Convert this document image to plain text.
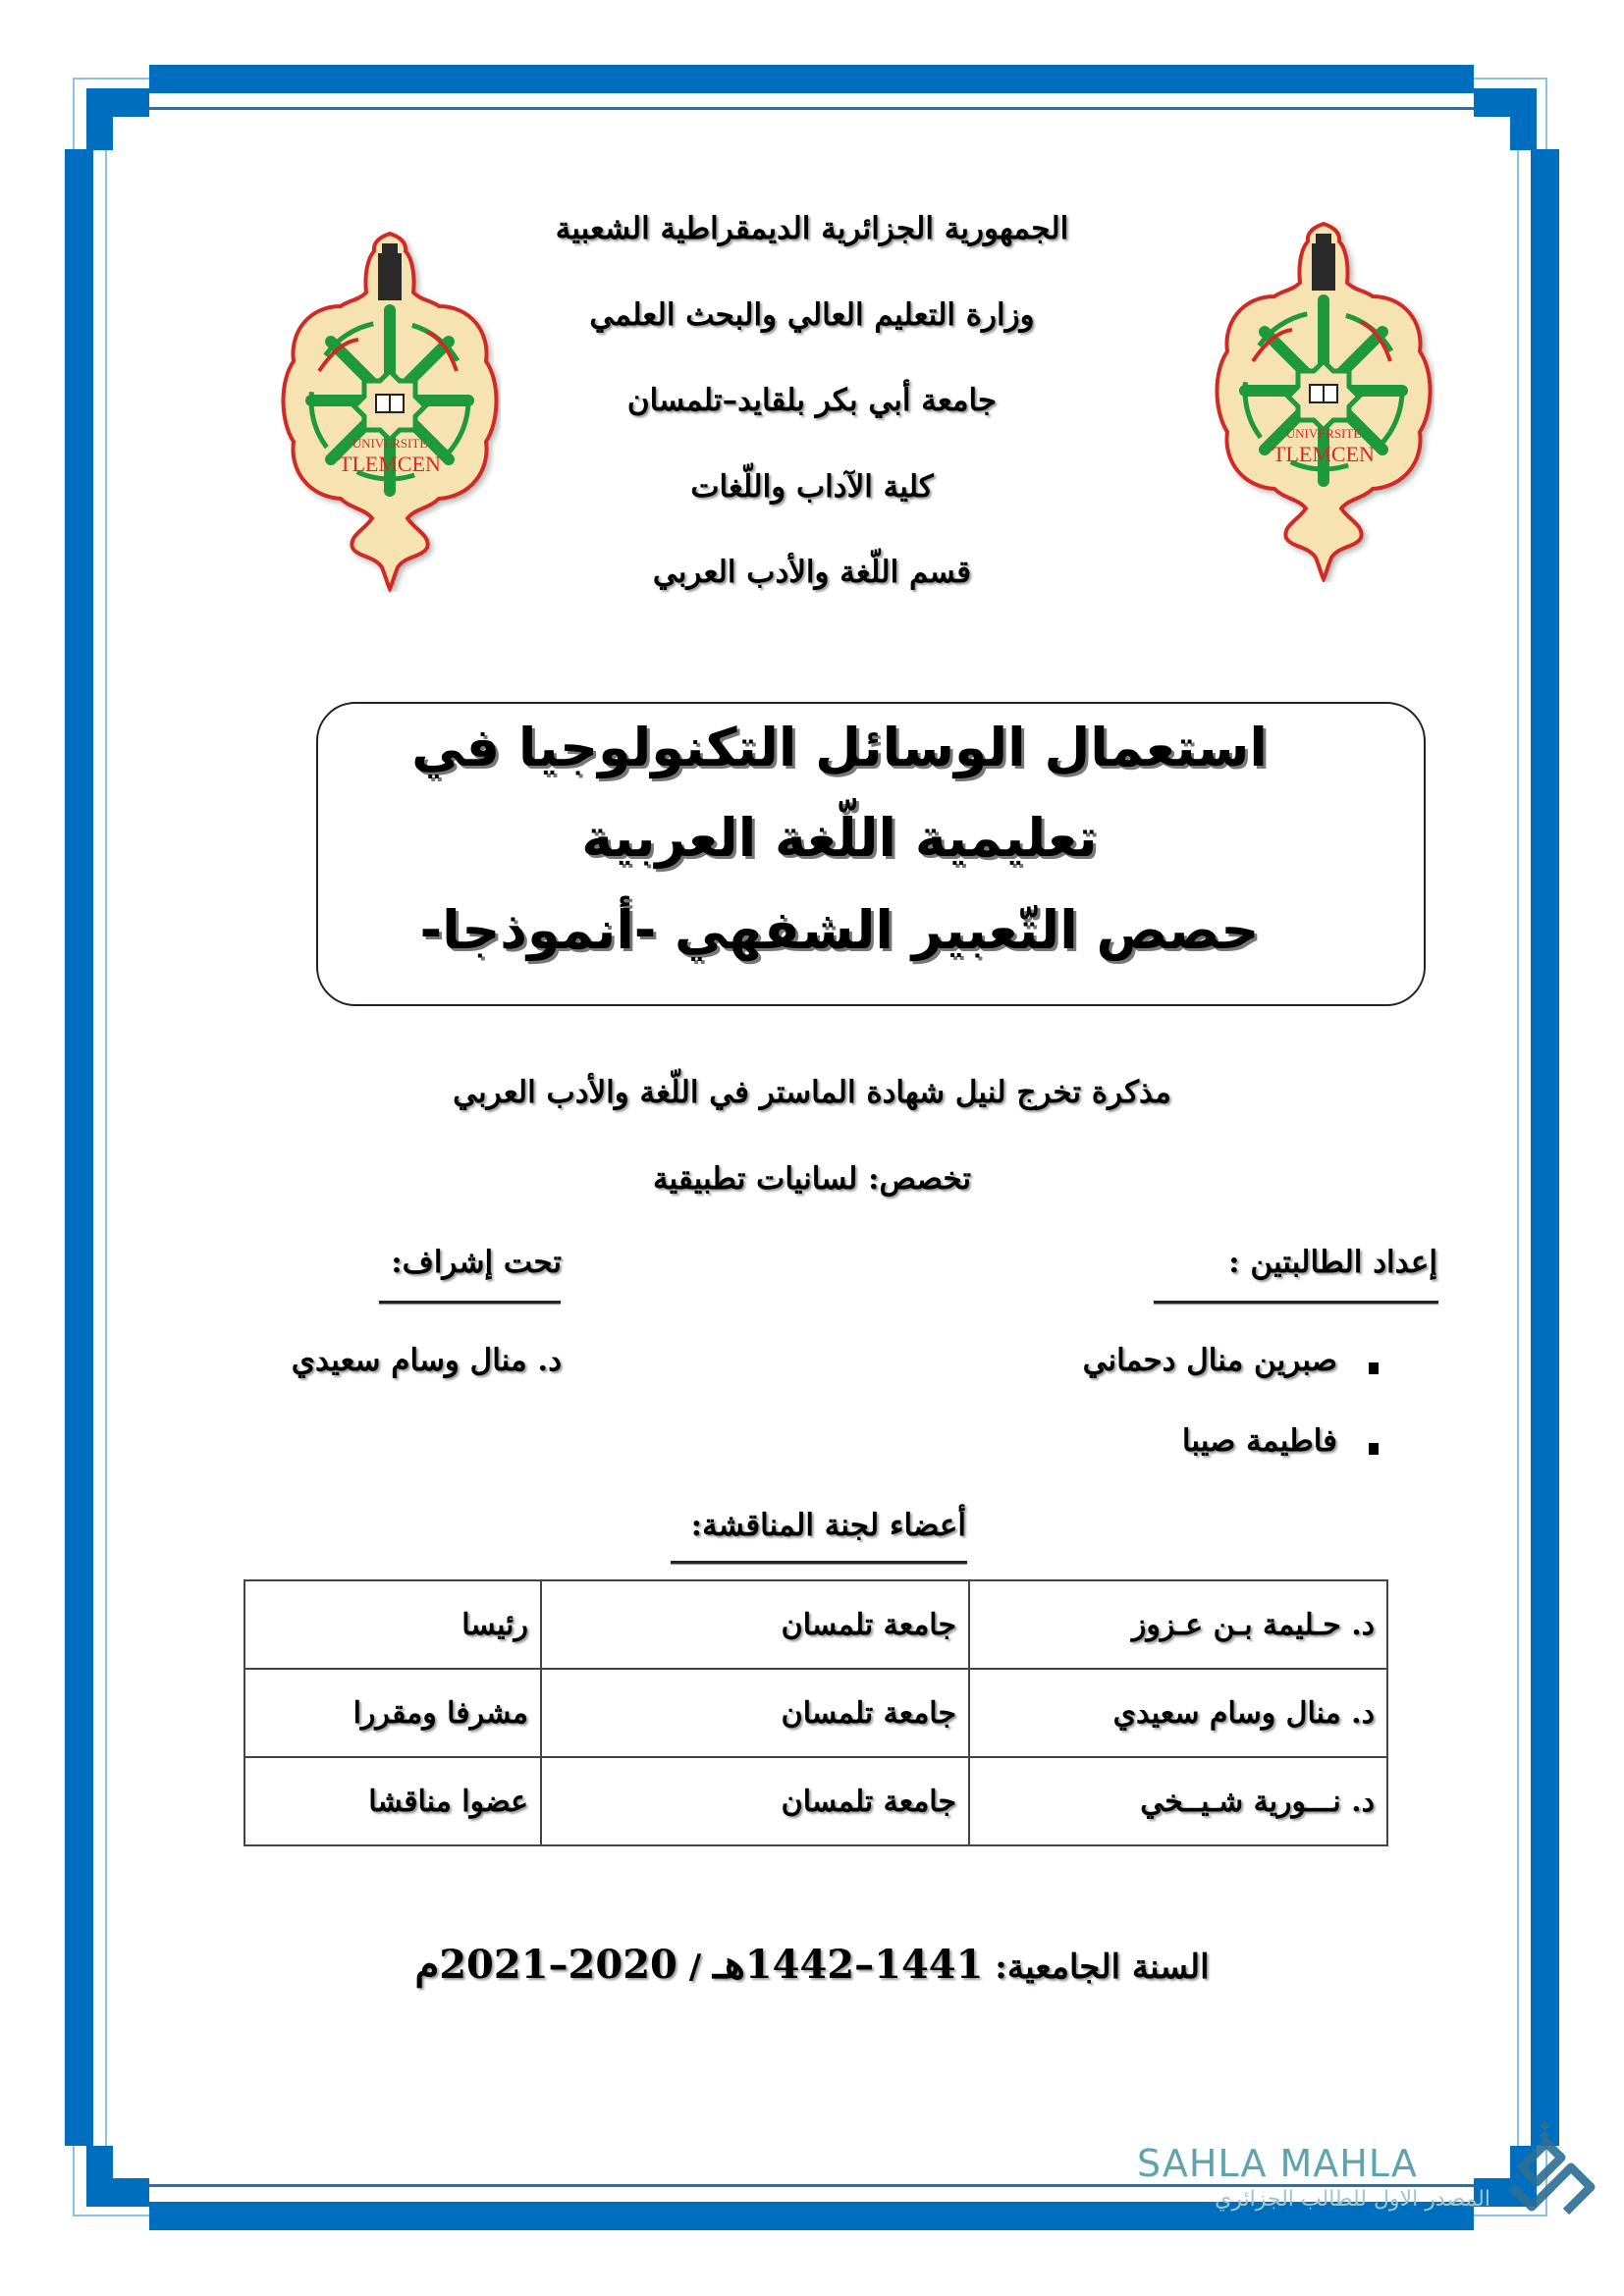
UNIVERSITE
TLEMCEN
UNIVERSITE
TLEMCEN
الجمهورية الجزائرية الديمقراطية الشعبية
وزارة التعليم العالي والبحث العلمي
جامعة أبي بكر بلقايد–تلمسان
كلية الآداب واللّغات
قسم اللّغة والأدب العربي
استعمال الوسائل التكنولوجيا في
تعليمية اللّغة العربية
حصص التّعبير الشفهي -أنموذجا-
مذكرة تخرج لنيل شهادة الماستر في اللّغة والأدب العربي
تخصص: لسانيات تطبيقية
إعداد الطالبتين :
صبرين منال دحماني
فاطيمة صيبا
تحت إشراف:
د. منال وسام سعيدي
أعضاء لجنة المناقشة:
د. حـليمة بـن عـزوز	جامعة تلمسان	رئيسا
د. منال وسام سعيدي	جامعة تلمسان	مشرفا ومقررا
د. نـــورية شـيــخي	جامعة تلمسان	عضوا مناقشا
السنة الجامعية: 1441–1442هـ / 2020–2021م
SAHLA MAHLA
المصدر الاول للطالب الجزائري
